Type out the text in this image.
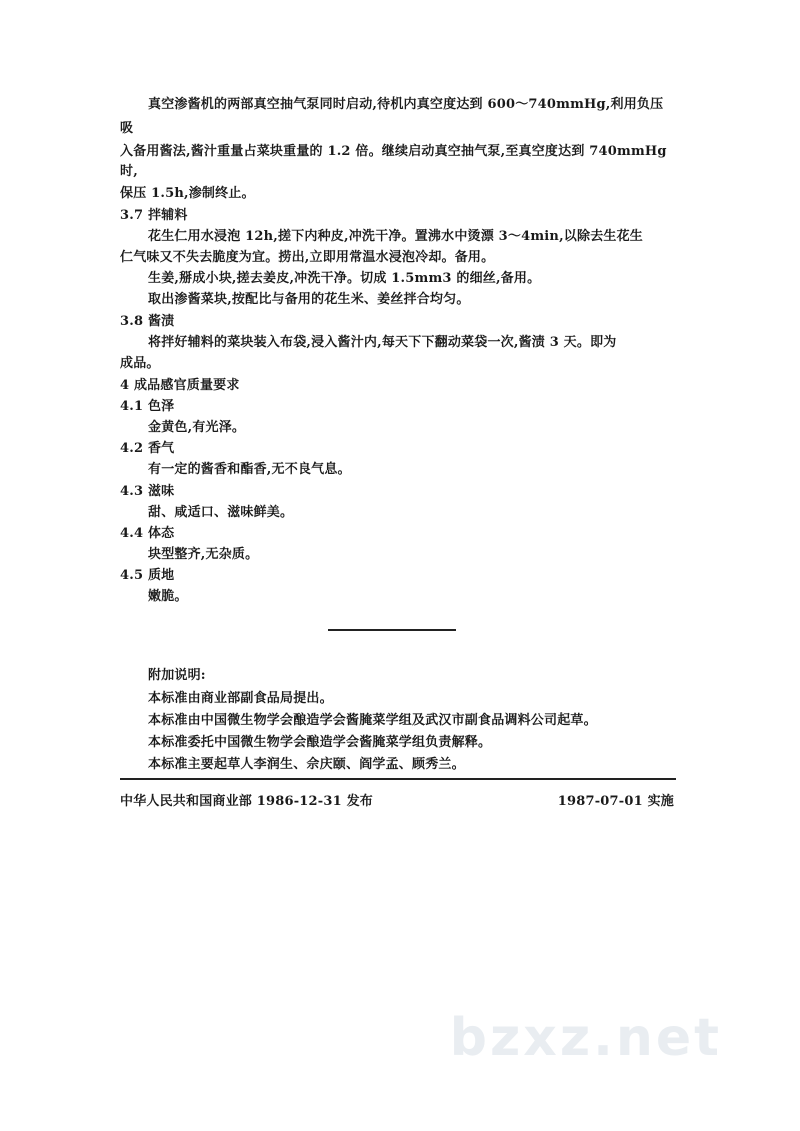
真空渗酱机的两部真空抽气泵同时启动,待机内真空度达到 600～740mmHg,利用负压
吸
入备用酱法,酱汁重量占菜块重量的 1.2 倍。继续启动真空抽气泵,至真空度达到 740mmHg
时,
保压 1.5h,渗制终止。
3.7 拌辅料
花生仁用水浸泡 12h,搓下内种皮,冲洗干净。置沸水中烫漂 3～4min,以除去生花生
仁气味又不失去脆度为宜。捞出,立即用常温水浸泡冷却。备用。
生姜,掰成小块,搓去姜皮,冲洗干净。切成 1.5mm3 的细丝,备用。
取出渗酱菜块,按配比与备用的花生米、姜丝拌合均匀。
3.8 酱渍
将拌好辅料的菜块装入布袋,浸入酱汁内,每天下下翻动菜袋一次,酱渍 3 天。即为
成品。
4 成品感官质量要求
4.1 色泽
金黄色,有光泽。
4.2 香气
有一定的酱香和酯香,无不良气息。
4.3 滋味
甜、咸适口、滋味鲜美。
4.4 体态
块型整齐,无杂质。
4.5 质地
嫩脆。
附加说明:
本标准由商业部副食品局提出。
本标准由中国微生物学会酿造学会酱腌菜学组及武汉市副食品调料公司起草。
本标准委托中国微生物学会酿造学会酱腌菜学组负责解释。
本标准主要起草人李润生、佘庆颐、阎学孟、顾秀兰。
中华人民共和国商业部 1986-12-31 发布	1987-07-01 实施
bzxz.net
